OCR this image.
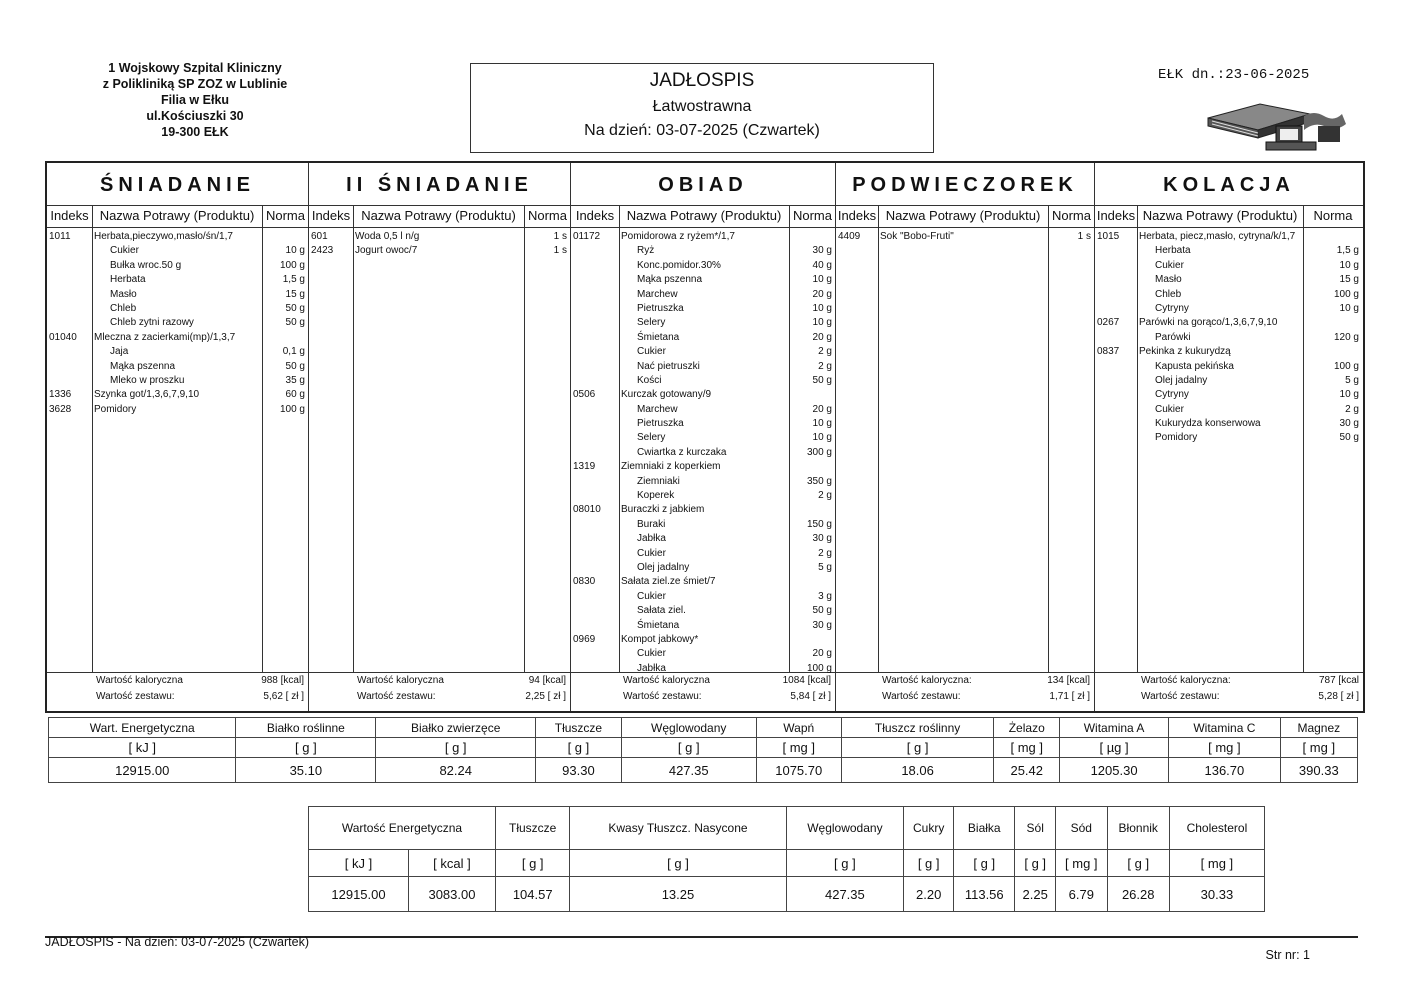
1 Wojskowy Szpital Kliniczny
z Polikliniką SP ZOZ w Lublinie
Filia w Ełku
ul.Kościuszki 30
19-300 EŁK
JADŁOSPIS
Łatwostrawna
Na dzień: 03-07-2025 (Czwartek)
EŁK dn.:23-06-2025
ŚNIADANIE
Indeks Nazwa Potrawy (Produktu) Norma
1011 Herbata,pieczywo,masło/śn/1,7
Cukier	10 g
Bułka wroc.50 g	100 g
Herbata	1,5 g
Masło	15 g
Chleb	50 g
Chleb zytni razowy	50 g
01040 Mleczna z zacierkami(mp)/1,3,7
Jaja	0,1 g
Mąka pszenna	50 g
Mleko w proszku	35 g
1336 Szynka got/1,3,6,7,9,10	60 g
3628 Pomidory	100 g
Wartość kaloryczna	988 [kcal]
Wartość zestawu:	5,62 [ zł ]
II ŚNIADANIE
Indeks Nazwa Potrawy (Produktu) Norma
601	Woda 0,5 l n/g	1 s
2423 Jogurt owoc/7	1 s
Wartość kaloryczna	94 [kcal]
Wartość zestawu:	2,25 [ zł ]
OBIAD
Indeks Nazwa Potrawy (Produktu) Norma
01172 Pomidorowa z ryżem*/1,7
Ryż	30 g
Konc.pomidor.30%	40 g
Mąka pszenna	10 g
Marchew	20 g
Pietruszka	10 g
Selery	10 g
Śmietana	20 g
Cukier	2 g
Nać pietruszki	2 g
Kości	50 g
0506	Kurczak gotowany/9
Marchew	20 g
Pietruszka	10 g
Selery	10 g
Cwiartka z kurczaka	300 g
1319	Ziemniaki z koperkiem
Ziemniaki	350 g
Koperek	2 g
08010 Buraczki z jabkiem
Buraki	150 g
Jabłka	30 g
Cukier	2 g
Olej jadalny	5 g
0830	Sałata ziel.ze śmiet/7
Cukier	3 g
Sałata ziel.	50 g
Śmietana	30 g
0969	Kompot jabkowy*
Cukier	20 g
Jabłka	100 g
Wartość kaloryczna	1084 [kcal]
Wartość zestawu:	5,84 [ zł ]
PODWIECZOREK
Indeks Nazwa Potrawy (Produktu) Norma
4409 Sok "Bobo-Fruti"	1 s
Wartość kaloryczna:	134 [kcal]
Wartość zestawu:	1,71 [ zł ]
KOLACJA
Indeks Nazwa Potrawy (Produktu)	Norma
1015 Herbata, piecz,masło, cytryna/k/1,7
Herbata	1,5 g
Cukier	10 g
Masło	15 g
Chleb	100 g
Cytryny	10 g
0267 Parówki na gorąco/1,3,6,7,9,10
Parówki	120 g
0837 Pekinka z kukurydzą
Kapusta pekińska	100 g
Olej jadalny	5 g
Cytryny	10 g
Cukier	2 g
Kukurydza konserwowa	30 g
Pomidory	50 g
Wartość kaloryczna:	787 [kcal
Wartość zestawu:	5,28 [ zł ]
Wart. Energetyczna	Białko roślinne	Białko zwierzęce	Tłuszcze	Węglowodany	Wapń	Tłuszcz roślinny	Żelazo	Witamina A	Witamina C	Magnez
[ kJ ]	[ g ]	[ g ]	[ g ]	[ g ]	[ mg ]	[ g ]	[ mg ]	[ µg ]	[ mg ]	[ mg ]
12915.00	35.10	82.24	93.30	427.35	1075.70	18.06	25.42	1205.30	136.70	390.33
Wartość Energetyczna		Tłuszcze	Kwasy Tłuszcz. Nasycone	Węglowodany	Cukry	Białka	Sól	Sód	Błonnik	Cholesterol
[ kJ ]	[ kcal ]	[ g ]	[ g ]	[ g ]	[ g ]	[ g ]	[ g ]	[ mg ]	[ g ]	[ mg ]
12915.00	3083.00	104.57	13.25	427.35	2.20	113.56	2.25	6.79	26.28	30.33
JADŁOSPIS - Na dzień: 03-07-2025 (Czwartek)
Str nr: 1
